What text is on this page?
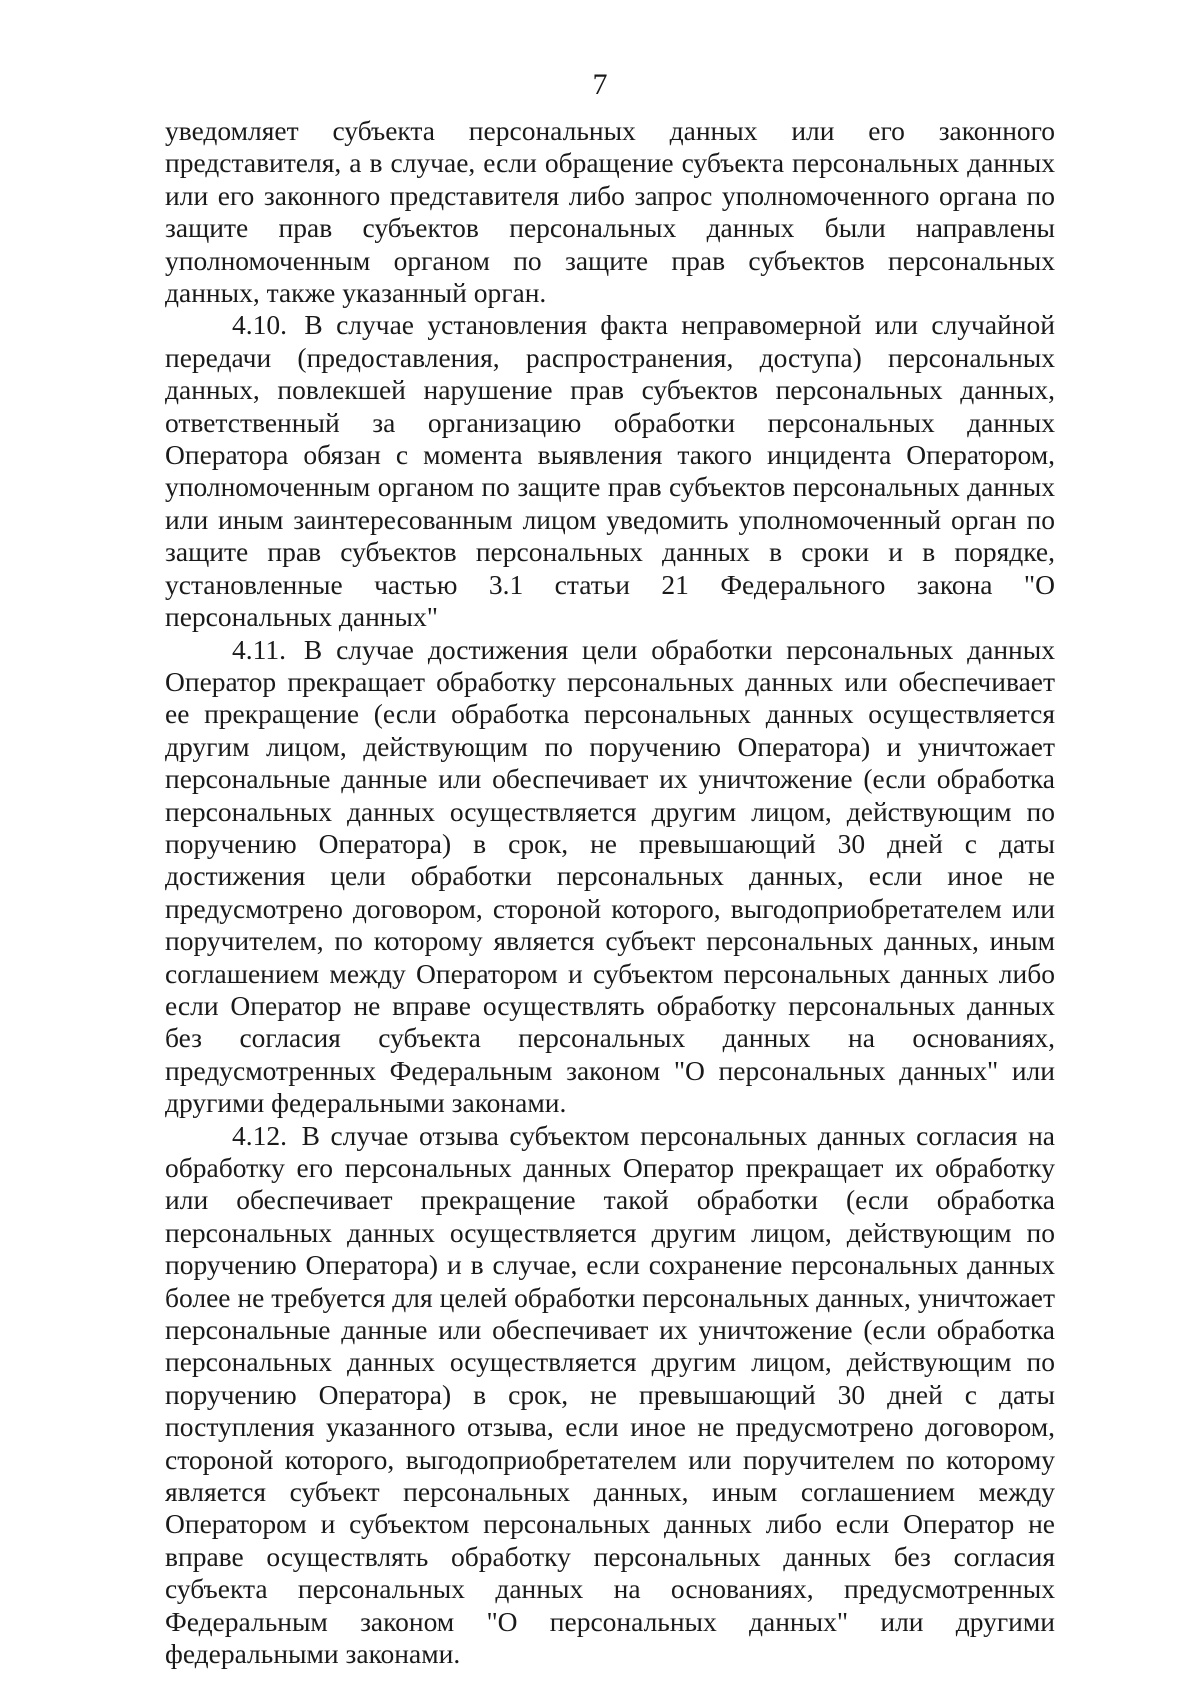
7

уведомляет субъекта персональных данных или его законного представителя, а в случае, если обращение субъекта персональных данных или его законного представителя либо запрос уполномоченного органа по защите прав субъектов персональных данных были направлены уполномоченным органом по защите прав субъектов персональных данных, также указанный орган.

4.10. В случае установления факта неправомерной или случайной передачи (предоставления, распространения, доступа) персональных данных, повлекшей нарушение прав субъектов персональных данных, ответственный за организацию обработки персональных данных Оператора обязан с момента выявления такого инцидента Оператором, уполномоченным органом по защите прав субъектов персональных данных или иным заинтересованным лицом уведомить уполномоченный орган по защите прав субъектов персональных данных в сроки и в порядке, установленные частью 3.1 статьи 21 Федерального закона "О персональных данных"

4.11. В случае достижения цели обработки персональных данных Оператор прекращает обработку персональных данных или обеспечивает ее прекращение (если обработка персональных данных осуществляется другим лицом, действующим по поручению Оператора) и уничтожает персональные данные или обеспечивает их уничтожение (если обработка персональных данных осуществляется другим лицом, действующим по поручению Оператора) в срок, не превышающий 30 дней с даты достижения цели обработки персональных данных, если иное не предусмотрено договором, стороной которого, выгодоприобретателем или поручителем, по которому является субъект персональных данных, иным соглашением между Оператором и субъектом персональных данных либо если Оператор не вправе осуществлять обработку персональных данных без согласия субъекта персональных данных на основаниях, предусмотренных Федеральным законом "О персональных данных" или другими федеральными законами.

4.12. В случае отзыва субъектом персональных данных согласия на обработку его персональных данных Оператор прекращает их обработку или обеспечивает прекращение такой обработки (если обработка персональных данных осуществляется другим лицом, действующим по поручению Оператора) и в случае, если сохранение персональных данных более не требуется для целей обработки персональных данных, уничтожает персональные данные или обеспечивает их уничтожение (если обработка персональных данных осуществляется другим лицом, действующим по поручению Оператора) в срок, не превышающий 30 дней с даты поступления указанного отзыва, если иное не предусмотрено договором, стороной которого, выгодоприобретателем или поручителем по которому является субъект персональных данных, иным соглашением между Оператором и субъектом персональных данных либо если Оператор не вправе осуществлять обработку персональных данных без согласия субъекта персональных данных на основаниях, предусмотренных Федеральным законом "О персональных данных" или другими федеральными законами.
